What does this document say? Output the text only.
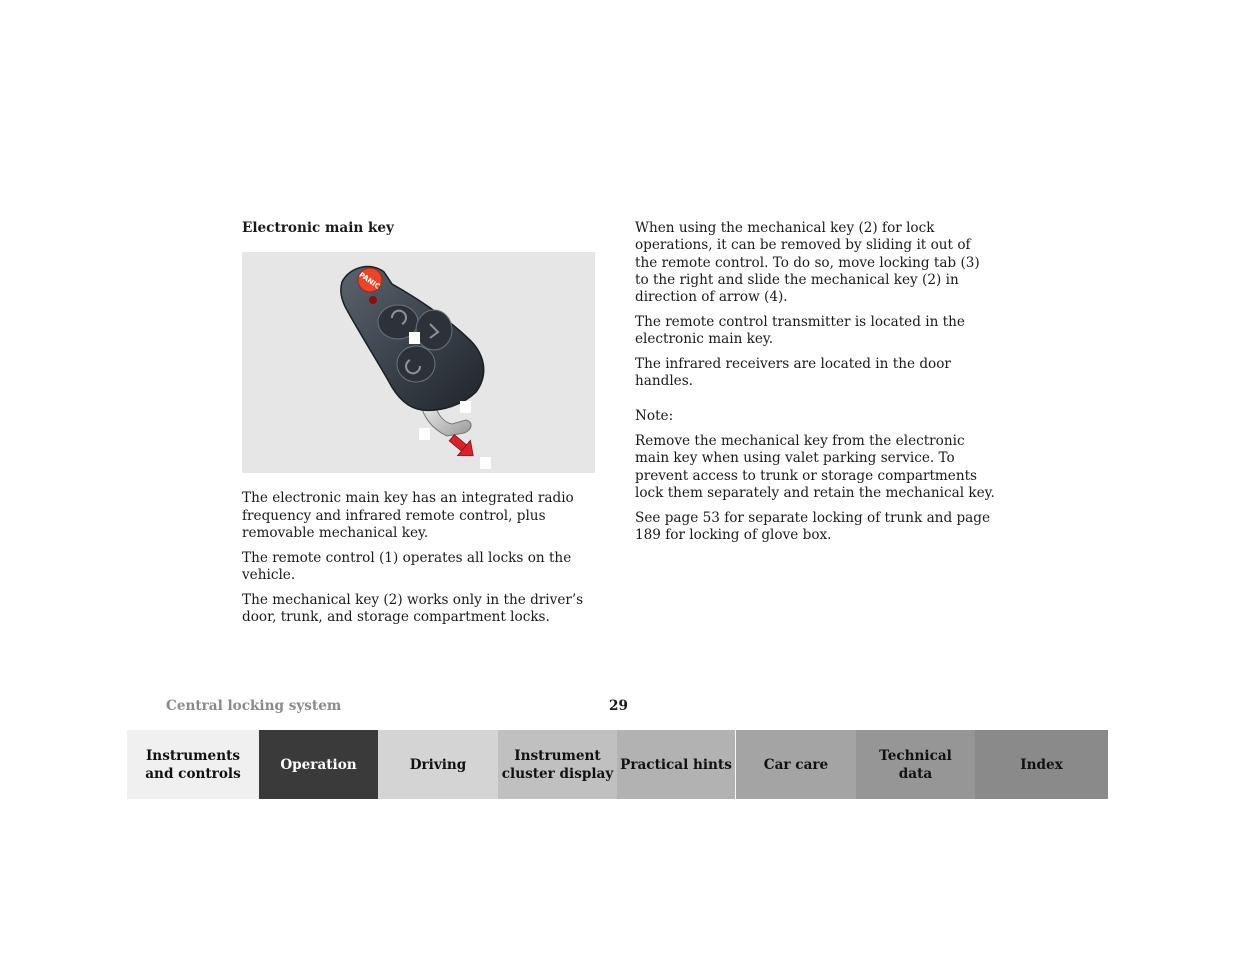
Electronic main key

PANIC

The electronic main key has an integrated radio frequency and infrared remote control, plus removable mechanical key.

The remote control (1) operates all locks on the vehicle.

The mechanical key (2) works only in the driver’s door, trunk, and storage compartment locks.

When using the mechanical key (2) for lock operations, it can be removed by sliding it out of the remote control. To do so, move locking tab (3) to the right and slide the mechanical key (2) in direction of arrow (4).

The remote control transmitter is located in the electronic main key.

The infrared receivers are located in the door handles.

Note:

Remove the mechanical key from the electronic main key when using valet parking service. To prevent access to trunk or storage compartments lock them separately and retain the mechanical key.

See page 53 for separate locking of trunk and page 189 for locking of glove box.

Central locking system	29
Instruments
and controls
Operation	Driving
Instrument
cluster display
Practical hints Car care
Technical
data
Index
